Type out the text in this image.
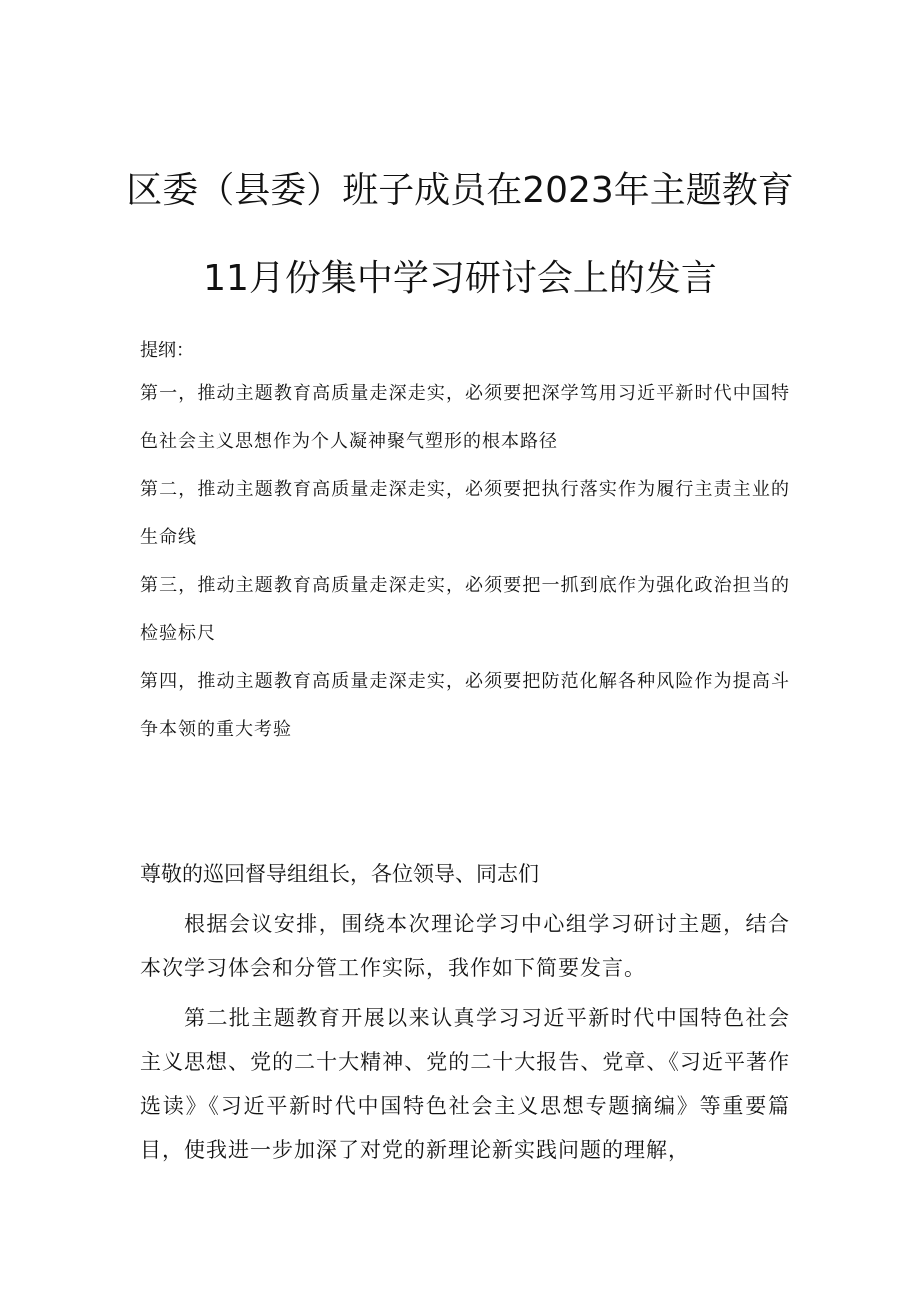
区委（县委）班子成员在2023年主题教育
11月份集中学习研讨会上的发言
提纲：
第一，推动主题教育高质量走深走实，必须要把深学笃用习近平新时代中国特色社会主义思想作为个人凝神聚气塑形的根本路径
第二，推动主题教育高质量走深走实，必须要把执行落实作为履行主责主业的生命线
第三，推动主题教育高质量走深走实，必须要把一抓到底作为强化政治担当的检验标尺
第四，推动主题教育高质量走深走实，必须要把防范化解各种风险作为提高斗争本领的重大考验
尊敬的巡回督导组组长，各位领导、同志们
根据会议安排，围绕本次理论学习中心组学习研讨主题，结合本次学习体会和分管工作实际，我作如下简要发言。
第二批主题教育开展以来认真学习习近平新时代中国特色社会主义思想、党的二十大精神、党的二十大报告、党章、《习近平著作选读》《习近平新时代中国特色社会主义思想专题摘编》等重要篇目，使我进一步加深了对党的新理论新实践问题的理解，
